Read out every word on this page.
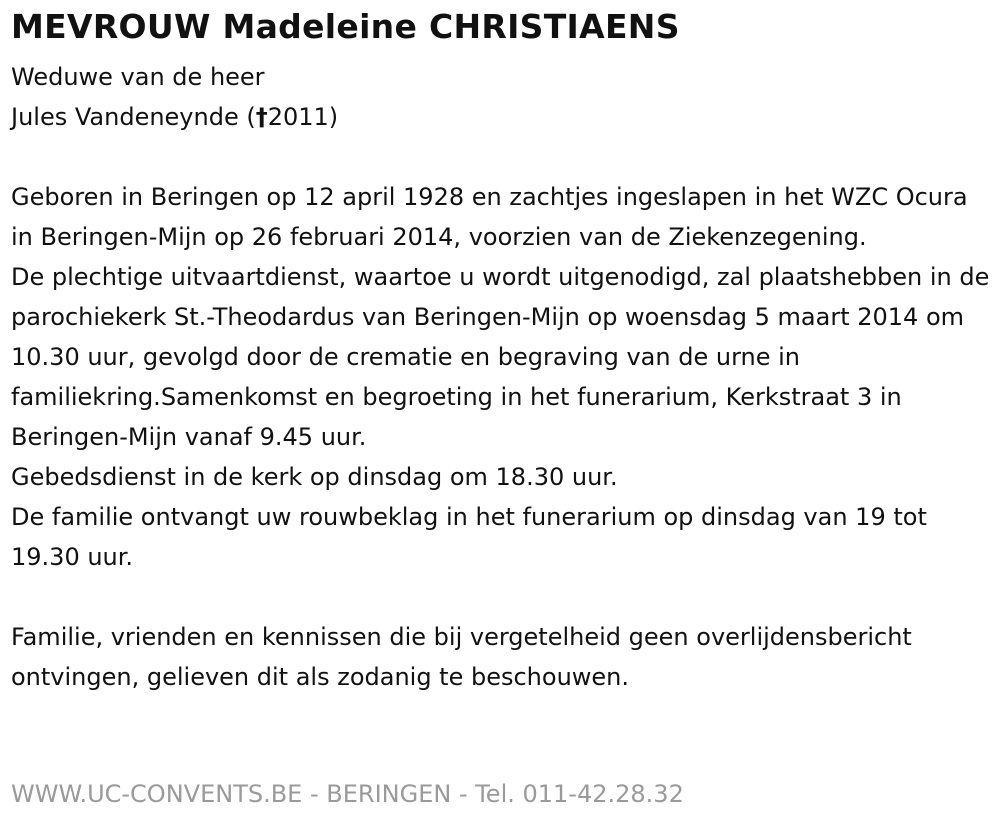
MEVROUW Madeleine CHRISTIAENS
Weduwe van de heer
Jules Vandeneynde (†2011)

Geboren in Beringen op 12 april 1928 en zachtjes ingeslapen in het WZC Ocura in Beringen-Mijn op 26 februari 2014, voorzien van de Ziekenzegening.

De plechtige uitvaartdienst, waartoe u wordt uitgenodigd, zal plaatshebben in de parochiekerk St.-Theodardus van Beringen-Mijn op woensdag 5 maart 2014 om 10.30 uur, gevolgd door de crematie en begraving van de urne in familiekring.Samenkomst en begroeting in het funerarium, Kerkstraat 3 in Beringen-Mijn vanaf 9.45 uur.

Gebedsdienst in de kerk op dinsdag om 18.30 uur.

De familie ontvangt uw rouwbeklag in het funerarium op dinsdag van 19 tot 19.30 uur.

Familie, vrienden en kennissen die bij vergetelheid geen overlijdensbericht ontvingen, gelieven dit als zodanig te beschouwen.

WWW.UC-CONVENTS.BE - BERINGEN - Tel. 011-42.28.32
